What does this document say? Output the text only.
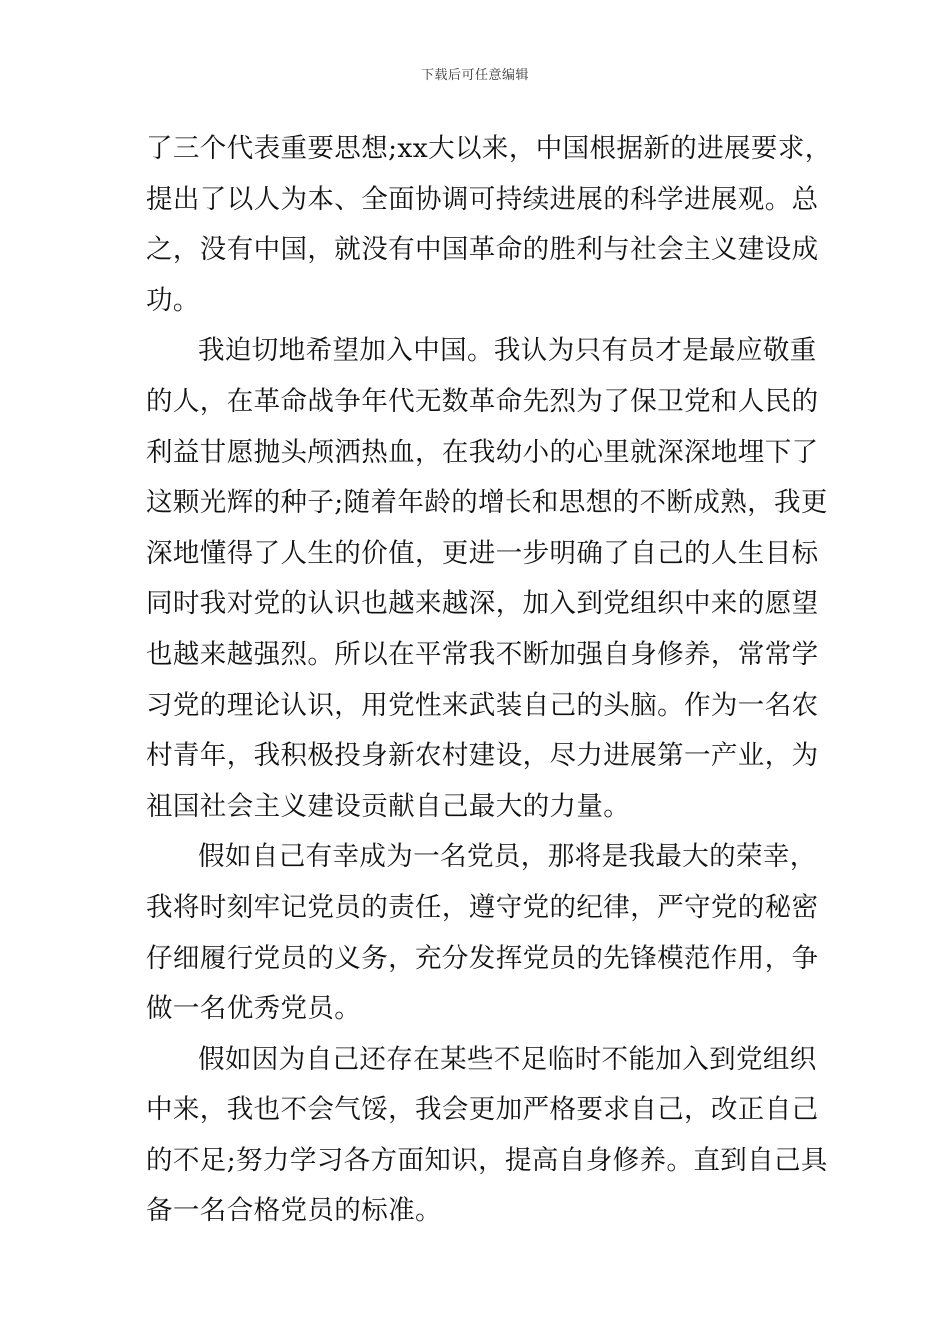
下载后可任意编辑
了三个代表重要思想;xx大以来，中国根据新的进展要求，
提出了以人为本、全面协调可持续进展的科学进展观。总
之，没有中国，就没有中国革命的胜利与社会主义建设成
功。
我迫切地希望加入中国。我认为只有员才是最应敬重
的人，在革命战争年代无数革命先烈为了保卫党和人民的
利益甘愿抛头颅洒热血，在我幼小的心里就深深地埋下了
这颗光辉的种子;随着年龄的增长和思想的不断成熟，我更
深地懂得了人生的价值，更进一步明确了自己的人生目标
同时我对党的认识也越来越深，加入到党组织中来的愿望
也越来越强烈。所以在平常我不断加强自身修养，常常学
习党的理论认识，用党性来武装自己的头脑。作为一名农
村青年，我积极投身新农村建设，尽力进展第一产业，为
祖国社会主义建设贡献自己最大的力量。
假如自己有幸成为一名党员，那将是我最大的荣幸，
我将时刻牢记党员的责任，遵守党的纪律，严守党的秘密
仔细履行党员的义务，充分发挥党员的先锋模范作用，争
做一名优秀党员。
假如因为自己还存在某些不足临时不能加入到党组织
中来，我也不会气馁，我会更加严格要求自己，改正自己
的不足;努力学习各方面知识，提高自身修养。直到自己具
备一名合格党员的标准。
